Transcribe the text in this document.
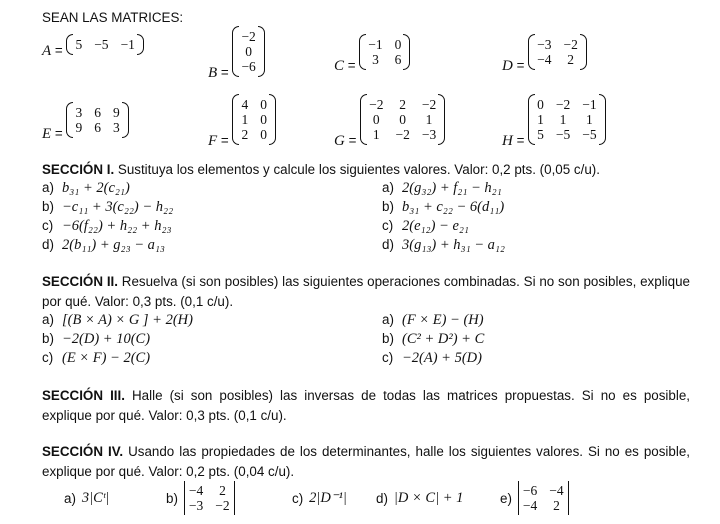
SEAN LAS MATRICES:
A = 5 −5 −1
B =
−2
0
−6	C =
−1 0
3 6	D =
−3 −2
−4 2
E =
3 6 9
9 6 3
F =
4 0
1 0
2 0	G =
−2 2 −2
0 0 1
1 −2 −3	H =
0 −2 −1
1 1 1
5 −5 −5
SECCIÓN I. Sustituya los elementos y calcule los siguientes valores. Valor: 0,2 pts. (0,05 c/u).
a) b₃₁ + 2(c₂₁)
b) −c₁₁ + 3(c₂₂) − h₂₂
c) −6(f₂₂) + h₂₂ + h₂₃
d) 2(b₁₁) + g₂₃ − a₁₃
a) 2(g₃₂) + f₂₁ − h₂₁
b) b₃₁ + c₂₂ − 6(d₁₁)
c) 2(e₁₂) − e₂₁
d) 3(g₁₃) + h₃₁ − a₁₂
SECCIÓN II. Resuelva (si son posibles) las siguientes operaciones combinadas. Si no son posibles, explique por qué. Valor: 0,3 pts. (0,1 c/u).
a) [(B × A) × G ] + 2(H)
b) −2(D) + 10(C)
c) (E × F) − 2(C)
a) (F × E) − (H)
b) (C² + D²) + C
c) −2(A) + 5(D)
SECCIÓN III. Halle (si son posibles) las inversas de todas las matrices propuestas. Si no es posible, explique por qué. Valor: 0,3 pts. (0,1 c/u).
SECCIÓN IV. Usando las propiedades de los determinantes, halle los siguientes valores. Si no es posible, explique por qué. Valor: 0,2 pts. (0,04 c/u).
a) 3|Cᵗ|	b) −4 2
−3 −2	c) 2|D⁻¹| d) |D × C| + 1	e) −6 −4
−4 2
